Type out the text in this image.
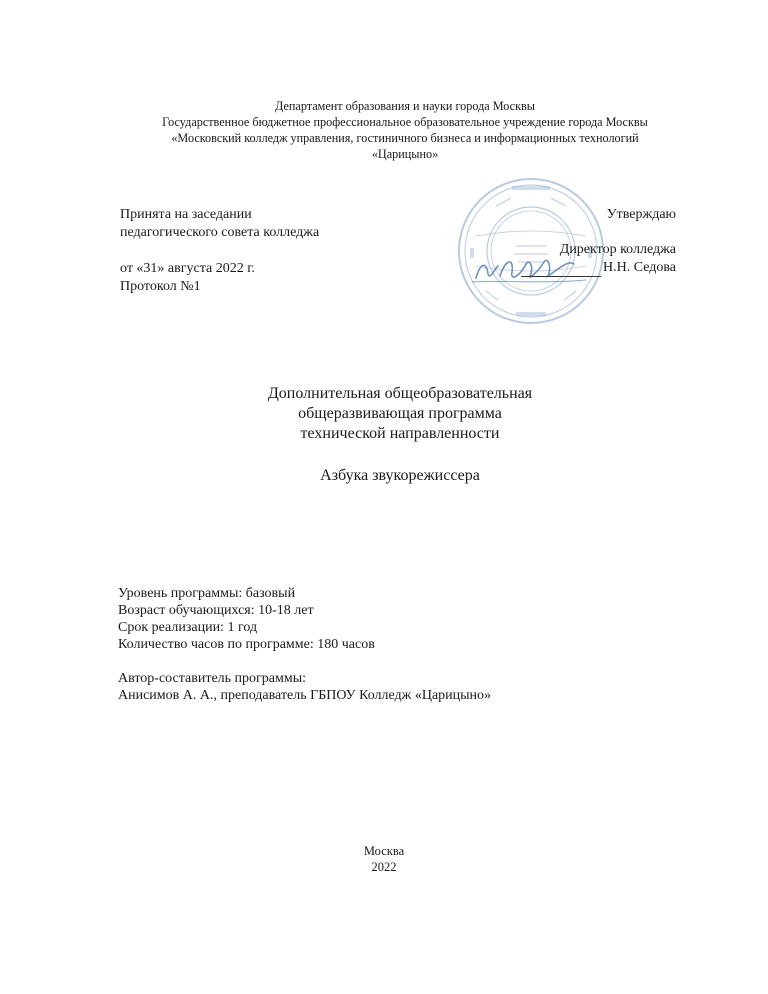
Департамент образования и науки города Москвы
Государственное бюджетное профессиональное образовательное учреждение города Москвы
«Московский колледж управления, гостиничного бизнеса и информационных технологий
«Царицыно»
Принята на заседании
педагогического совета колледжа
от «31» августа 2022 г.
Протокол №1
Утверждаю
Директор колледжа
Н.Н. Седова
Дополнительная общеобразовательная
общеразвивающая программа
технической направленности
Азбука звукорежиссера
Уровень программы: базовый
Возраст обучающихся: 10-18 лет
Срок реализации: 1 год
Количество часов по программе: 180 часов
Автор-составитель программы:
Анисимов А. А., преподаватель ГБПОУ Колледж «Царицыно»
Москва
2022
